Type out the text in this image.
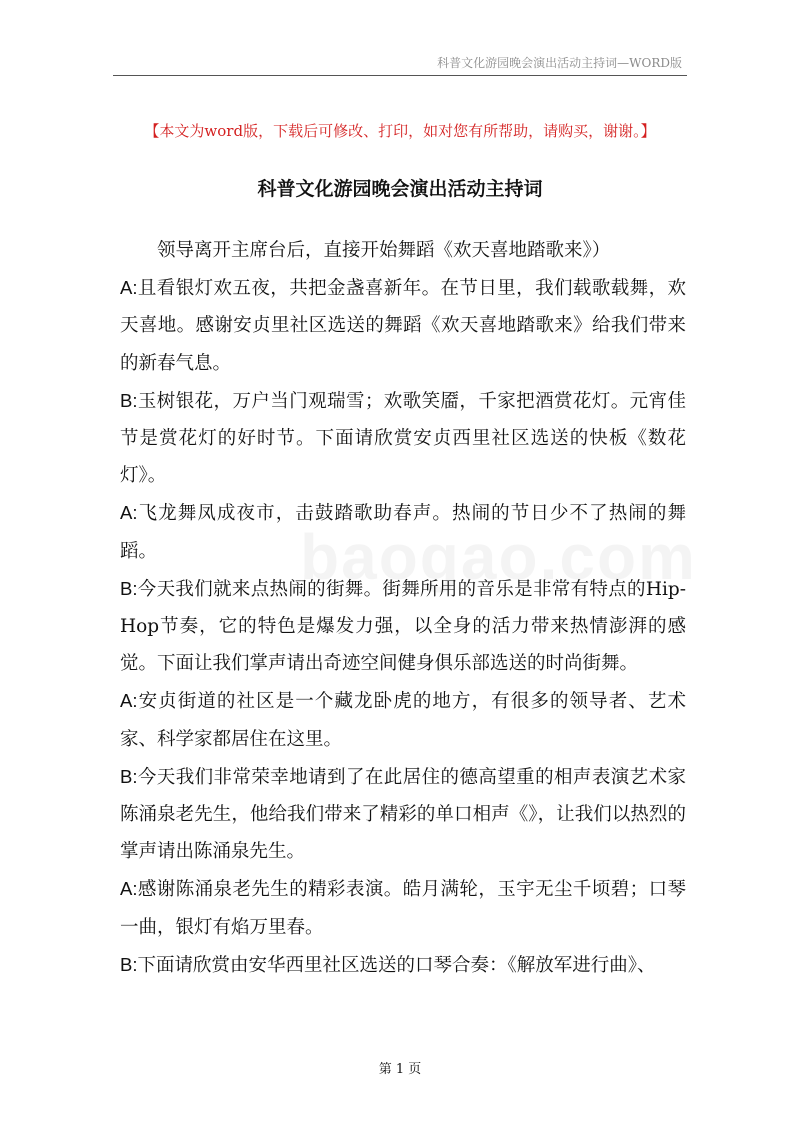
科普文化游园晚会演出活动主持词—WORD版
【本文为word版，下载后可修改、打印，如对您有所帮助，请购买，谢谢。】
科普文化游园晚会演出活动主持词

领导离开主席台后，直接开始舞蹈《欢天喜地踏歌来》）

A:且看银灯欢五夜，共把金盏喜新年。在节日里，我们载歌载舞，欢天喜地。感谢安贞里社区选送的舞蹈《欢天喜地踏歌来》给我们带来的新春气息。

B:玉树银花，万户当门观瑞雪；欢歌笑靥，千家把酒赏花灯。元宵佳节是赏花灯的好时节。下面请欣赏安贞西里社区选送的快板《数花灯》。

A:飞龙舞凤成夜市，击鼓踏歌助春声。热闹的节日少不了热闹的舞蹈。

B:今天我们就来点热闹的街舞。街舞所用的音乐是非常有特点的Hip-Hop节奏，它的特色是爆发力强，以全身的活力带来热情澎湃的感觉。下面让我们掌声请出奇迹空间健身俱乐部选送的时尚街舞。

A:安贞街道的社区是一个藏龙卧虎的地方，有很多的领导者、艺术家、科学家都居住在这里。

B:今天我们非常荣幸地请到了在此居住的德高望重的相声表演艺术家陈涌泉老先生，他给我们带来了精彩的单口相声《》，让我们以热烈的掌声请出陈涌泉先生。

A:感谢陈涌泉老先生的精彩表演。皓月满轮，玉宇无尘千顷碧；口琴一曲，银灯有焰万里春。

B:下面请欣赏由安华西里社区选送的口琴合奏：《解放军进行曲》、

第 1 页
